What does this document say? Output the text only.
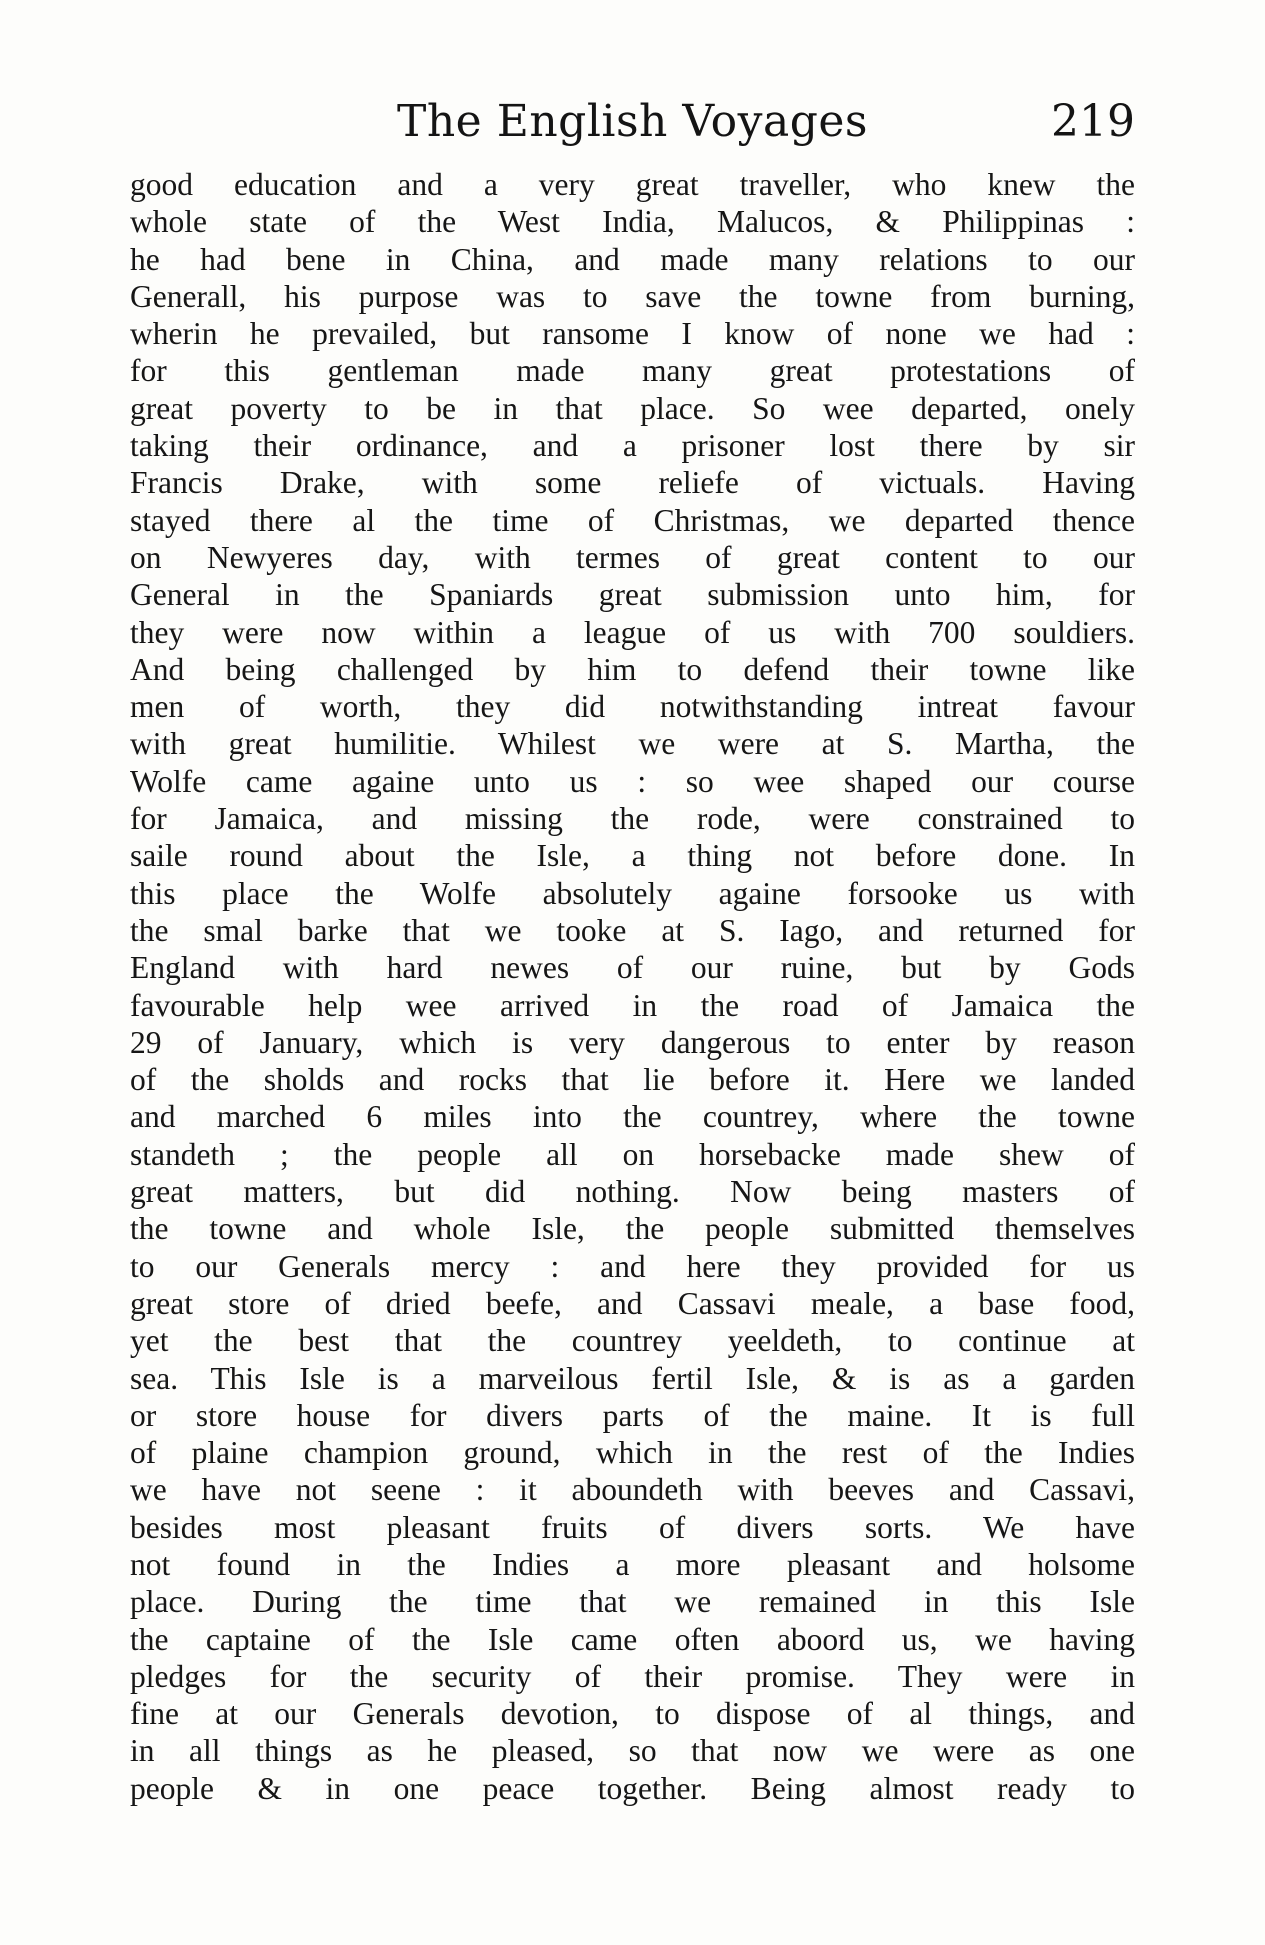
The English Voyages	219
good education and a very great traveller, who knew the
whole state of the West India, Malucos, & Philippinas :
he had bene in China, and made many relations to our
Generall, his purpose was to save the towne from burning,
wherin he prevailed, but ransome I know of none we had :
for this gentleman made many great protestations of
great poverty to be in that place. So wee departed, onely
taking their ordinance, and a prisoner lost there by sir
Francis Drake, with some reliefe of victuals. Having
stayed there al the time of Christmas, we departed thence
on Newyeres day, with termes of great content to our
General in the Spaniards great submission unto him, for
they were now within a league of us with 700 souldiers.
And being challenged by him to defend their towne like
men of worth, they did notwithstanding intreat favour
with great humilitie. Whilest we were at S. Martha, the
Wolfe came againe unto us : so wee shaped our course
for Jamaica, and missing the rode, were constrained to
saile round about the Isle, a thing not before done. In
this place the Wolfe absolutely againe forsooke us with
the smal barke that we tooke at S. Iago, and returned for
England with hard newes of our ruine, but by Gods
favourable help wee arrived in the road of Jamaica the
29 of January, which is very dangerous to enter by reason
of the sholds and rocks that lie before it. Here we landed
and marched 6 miles into the countrey, where the towne
standeth ; the people all on horsebacke made shew of
great matters, but did nothing. Now being masters of
the towne and whole Isle, the people submitted themselves
to our Generals mercy : and here they provided for us
great store of dried beefe, and Cassavi meale, a base food,
yet the best that the countrey yeeldeth, to continue at
sea. This Isle is a marveilous fertil Isle, & is as a garden
or store house for divers parts of the maine. It is full
of plaine champion ground, which in the rest of the Indies
we have not seene : it aboundeth with beeves and Cassavi,
besides most pleasant fruits of divers sorts. We have
not found in the Indies a more pleasant and holsome
place. During the time that we remained in this Isle
the captaine of the Isle came often aboord us, we having
pledges for the security of their promise. They were in
fine at our Generals devotion, to dispose of al things, and
in all things as he pleased, so that now we were as one
people & in one peace together. Being almost ready to
